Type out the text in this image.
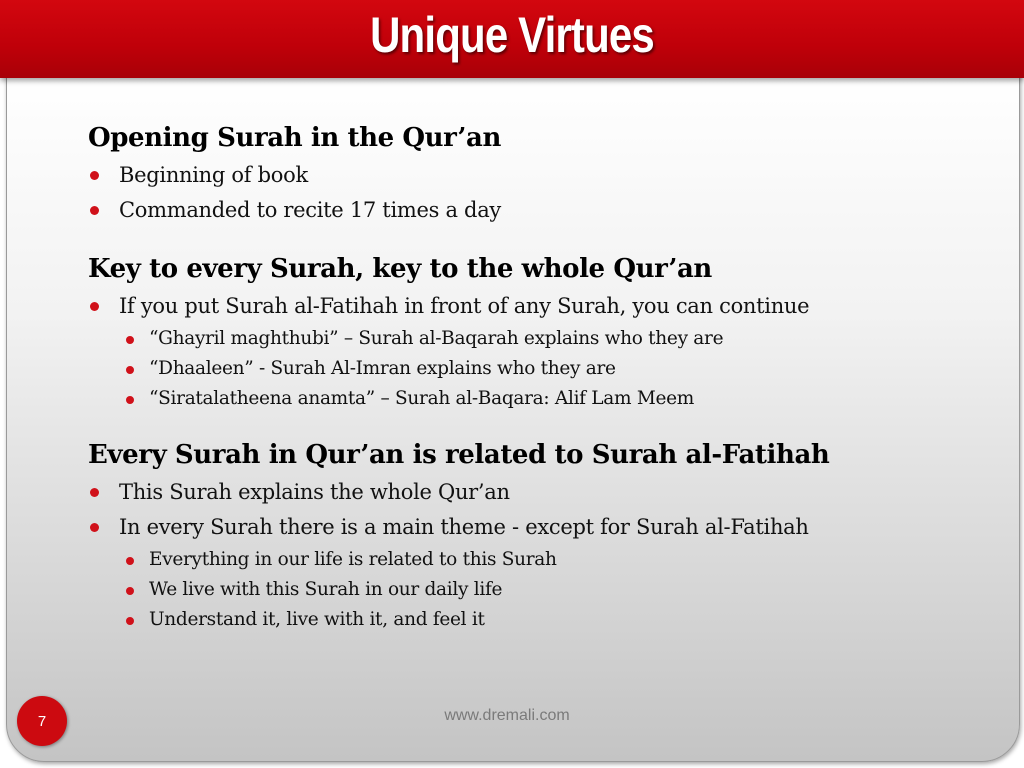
Unique Virtues
Opening Surah in the Qur’an
Beginning of book
Commanded to recite 17 times a day
Key to every Surah, key to the whole Qur’an
If you put Surah al-Fatihah in front of any Surah, you can continue
“Ghayril maghthubi” – Surah al-Baqarah explains who they are
“Dhaaleen” - Surah Al-Imran explains who they are
“Siratalatheena anamta” – Surah al-Baqara: Alif Lam Meem
Every Surah in Qur’an is related to Surah al-Fatihah
This Surah explains the whole Qur’an
In every Surah there is a main theme - except for Surah al-Fatihah
Everything in our life is related to this Surah
We live with this Surah in our daily life
Understand it, live with it, and feel it
7	www.dremali.com
